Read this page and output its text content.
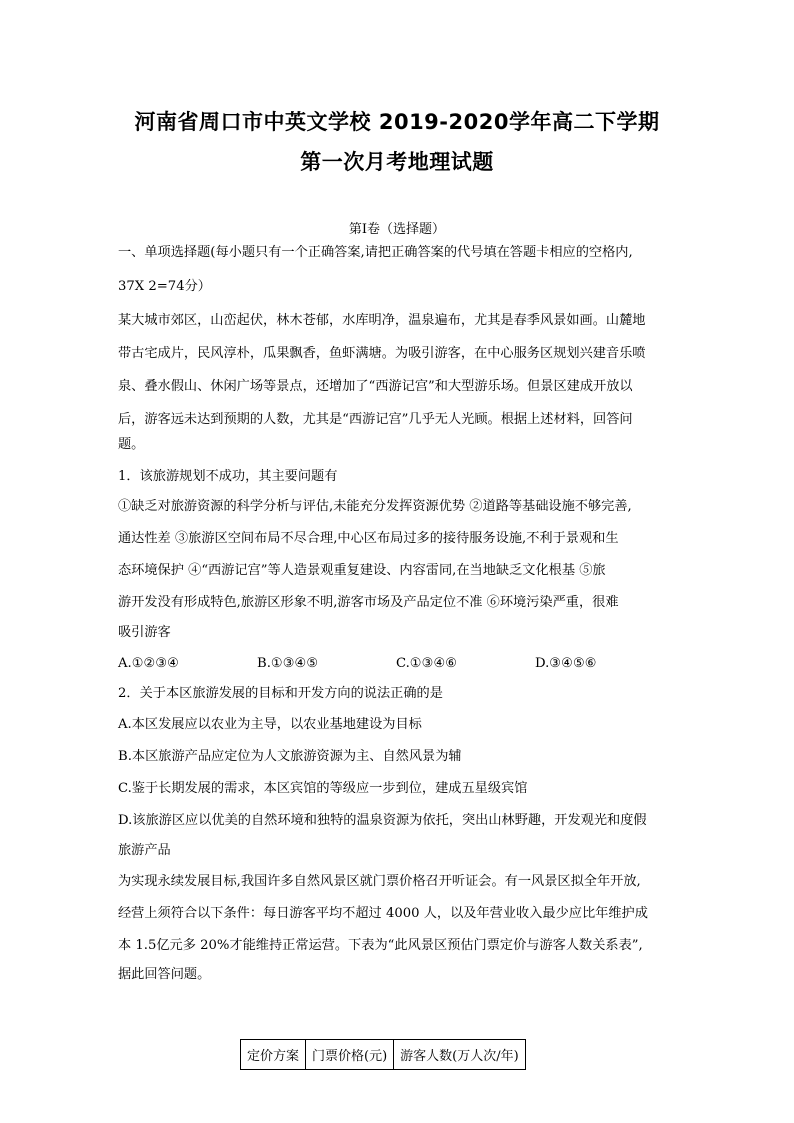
河南省周口市中英文学校 2019-2020学年高二下学期
第一次月考地理试题
第Ⅰ卷（选择题）
一、单项选择题(每小题只有一个正确答案,请把正确答案的代号填在答题卡相应的空格内,
37X 2=74分）
某大城市郊区，山峦起伏，林木苍郁，水库明净，温泉遍布，尤其是春季风景如画。山麓地
带古宅成片，民风淳朴，瓜果飘香，鱼虾满塘。为吸引游客，在中心服务区规划兴建音乐喷
泉、叠水假山、休闲广场等景点，还增加了“西游记宫”和大型游乐场。但景区建成开放以
后，游客远未达到预期的人数，尤其是“西游记宫”几乎无人光顾。根据上述材料，回答问
题。
1．该旅游规划不成功，其主要问题有
①缺乏对旅游资源的科学分析与评估,未能充分发挥资源优势 ②道路等基础设施不够完善,
通达性差 ③旅游区空间布局不尽合理,中心区布局过多的接待服务设施,不利于景观和生
态环境保护 ④“西游记宫”等人造景观重复建设、内容雷同,在当地缺乏文化根基 ⑤旅
游开发没有形成特色,旅游区形象不明,游客市场及产品定位不准 ⑥环境污染严重，很难
吸引游客
A.①②③④	B.①③④⑤	C.①③④⑥	D.③④⑤⑥
2．关于本区旅游发展的目标和开发方向的说法正确的是
A.本区发展应以农业为主导，以农业基地建设为目标
B.本区旅游产品应定位为人文旅游资源为主、自然风景为辅
C.鉴于长期发展的需求，本区宾馆的等级应一步到位，建成五星级宾馆
D.该旅游区应以优美的自然环境和独特的温泉资源为依托，突出山林野趣，开发观光和度假
旅游产品
为实现永续发展目标,我国许多自然风景区就门票价格召开听证会。有一风景区拟全年开放,
经营上须符合以下条件：每日游客平均不超过 4000 人，以及年营业收入最少应比年维护成
本 1.5亿元多 20%才能维持正常运营。下表为“此风景区预估门票定价与游客人数关系表”,
据此回答问题。
定价方案	门票价格(元)	游客人数(万人次/年)
